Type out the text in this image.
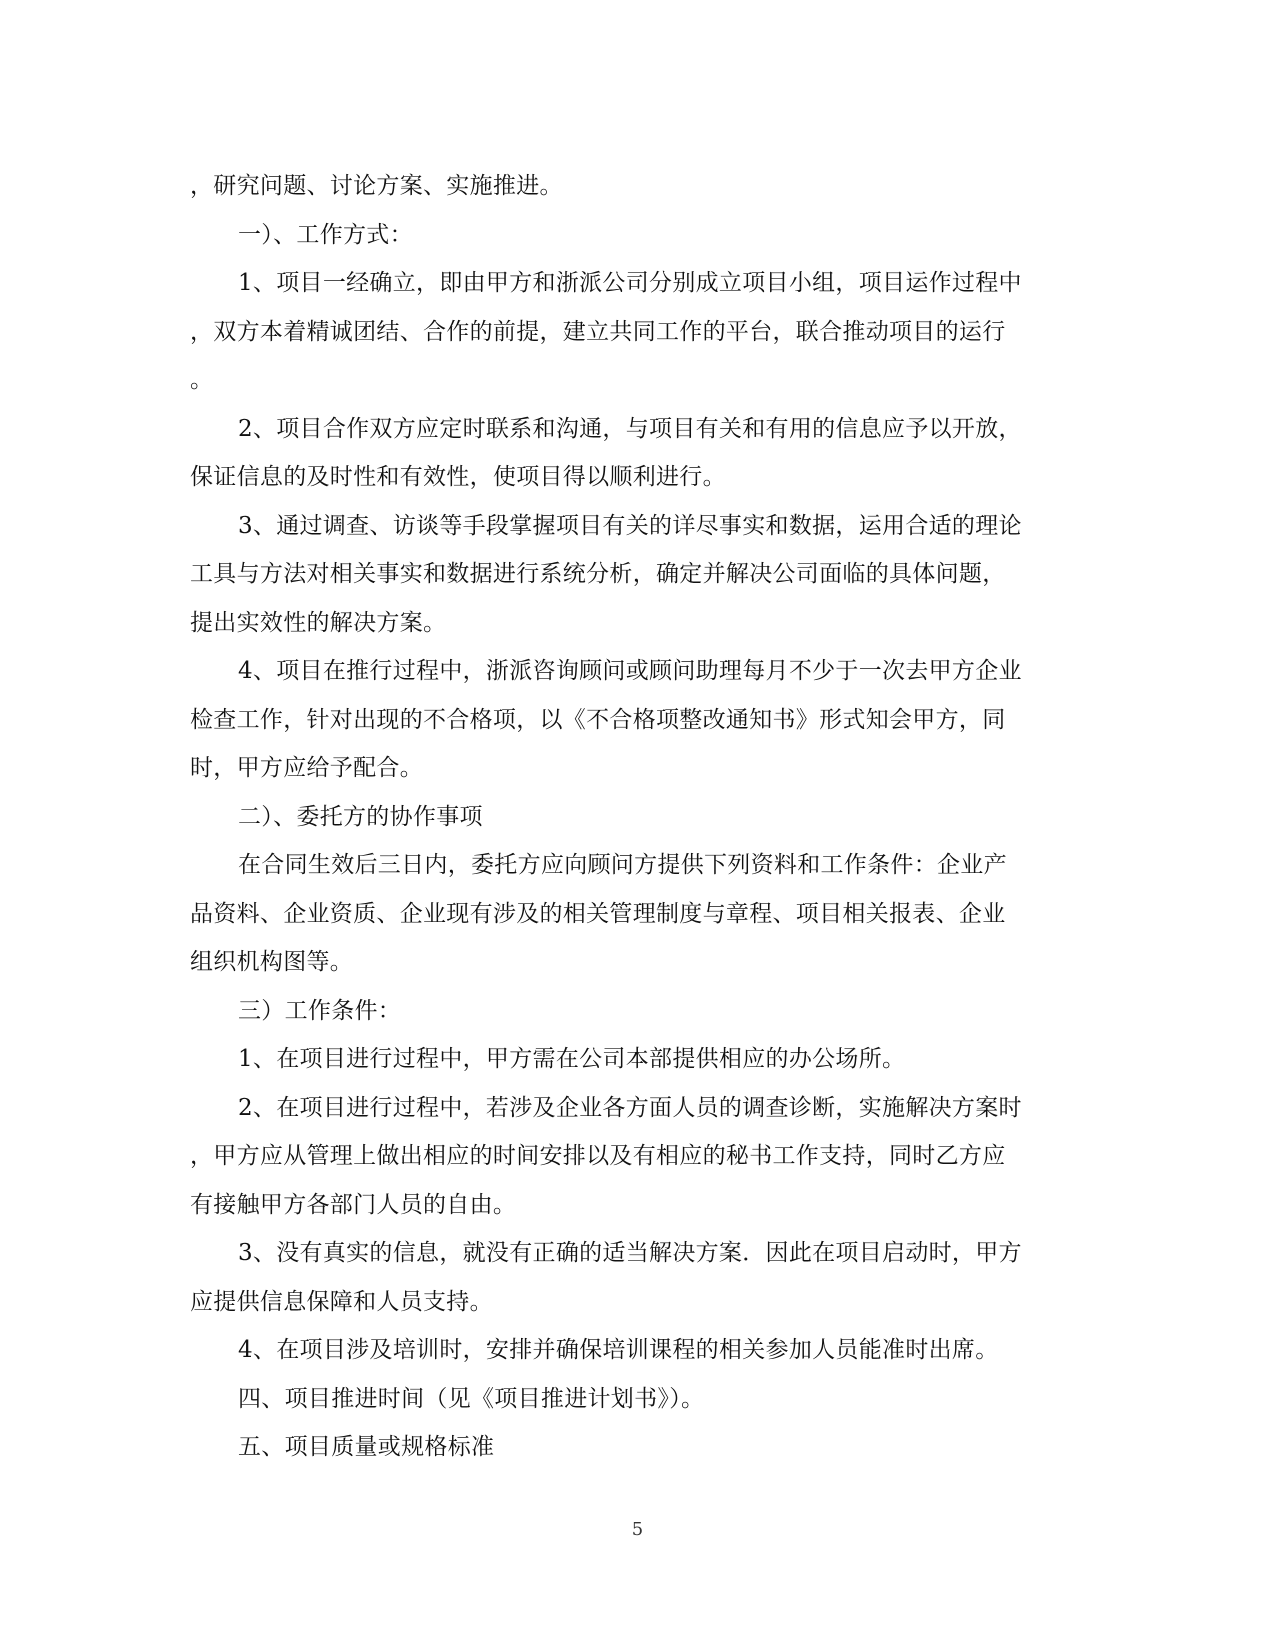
，研究问题、讨论方案、实施推进。
一）、工作方式：
1、项目一经确立，即由甲方和浙派公司分别成立项目小组，项目运作过程中
，双方本着精诚团结、合作的前提，建立共同工作的平台，联合推动项目的运行
。
2、项目合作双方应定时联系和沟通，与项目有关和有用的信息应予以开放，
保证信息的及时性和有效性，使项目得以顺利进行。
3、通过调查、访谈等手段掌握项目有关的详尽事实和数据，运用合适的理论
工具与方法对相关事实和数据进行系统分析，确定并解决公司面临的具体问题，
提出实效性的解决方案。
4、项目在推行过程中，浙派咨询顾问或顾问助理每月不少于一次去甲方企业
检查工作，针对出现的不合格项，以《不合格项整改通知书》形式知会甲方，同
时，甲方应给予配合。
二）、委托方的协作事项
在合同生效后三日内，委托方应向顾问方提供下列资料和工作条件：企业产
品资料、企业资质、企业现有涉及的相关管理制度与章程、项目相关报表、企业
组织机构图等。
三）工作条件：
1、在项目进行过程中，甲方需在公司本部提供相应的办公场所。
2、在项目进行过程中，若涉及企业各方面人员的调查诊断，实施解决方案时
，甲方应从管理上做出相应的时间安排以及有相应的秘书工作支持，同时乙方应
有接触甲方各部门人员的自由。
3、没有真实的信息，就没有正确的适当解决方案．因此在项目启动时，甲方
应提供信息保障和人员支持。
4、在项目涉及培训时，安排并确保培训课程的相关参加人员能准时出席。
四、项目推进时间（见《项目推进计划书》）。
五、项目质量或规格标准
5
